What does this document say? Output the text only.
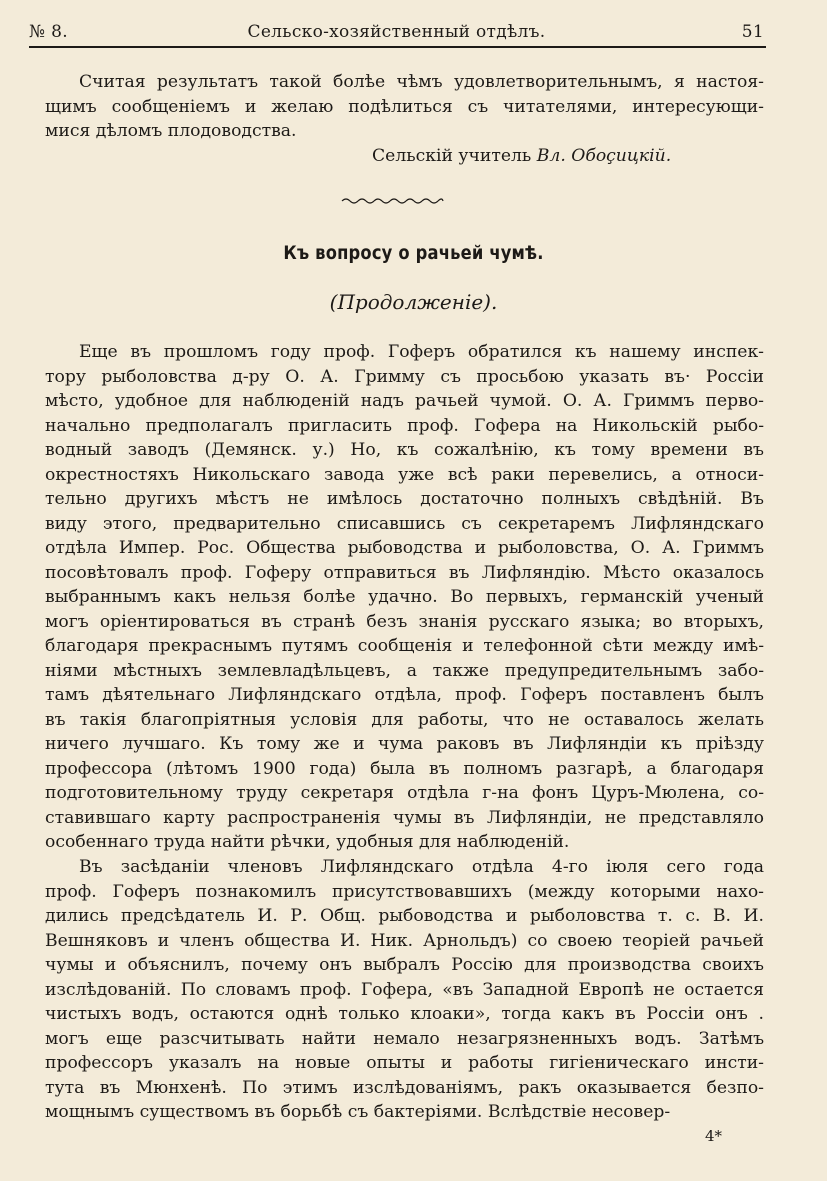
№ 8.	Сельско-хозяйственный отдѣлъ.	51
Считая результатъ такой болѣе чѣмъ удовлетворительнымъ, я настоя-
щимъ сообщеніемъ и желаю подѣлиться съ читателями, интересующи-
мися дѣломъ плодоводства.
Сельскій учитель Вл. Обоçицкій.
Къ вопросу о рачьей чумѣ.
(Продолженіе).
Еще въ прошломъ году проф. Гоферъ обратился къ нашему инспек-
тору рыболовства д-ру О. А. Гримму съ просьбою указать въ· Россіи
мѣсто, удобное для наблюденій надъ рачьей чумой. О. А. Гриммъ перво-
начально предполагалъ пригласить проф. Гофера на Никольскій рыбо-
водный заводъ (Демянск. у.) Но, къ сожалѣнію, къ тому времени въ
окрестностяхъ Никольскаго завода уже всѣ раки перевелись, а относи-
тельно другихъ мѣстъ не имѣлось достаточно полныхъ свѣдѣній. Въ
виду этого, предварительно списавшись съ секретаремъ Лифляндскаго
отдѣла Импер. Рос. Общества рыбоводства и рыболовства, О. А. Гриммъ
посовѣтовалъ проф. Гоферу отправиться въ Лифляндію. Мѣсто оказалось
выбраннымъ какъ нельзя болѣе удачно. Во первыхъ, германскій ученый
могъ оріентироваться въ странѣ безъ знанія русскаго языка; во вторыхъ,
благодаря прекраснымъ путямъ сообщенія и телефонной сѣти между имѣ-
ніями мѣстныхъ землевладѣльцевъ, а также предупредительнымъ забо-
тамъ дѣятельнаго Лифляндскаго отдѣла, проф. Гоферъ поставленъ былъ
въ такія благопріятныя условія для работы, что не оставалось желать
ничего лучшаго. Къ тому же и чума раковъ въ Лифляндіи къ пріѣзду
профессора (лѣтомъ 1900 года) была въ полномъ разгарѣ, а благодаря
подготовительному труду секретаря отдѣла г-на фонъ Цуръ-Мюлена, со-
ставившаго карту распространенія чумы въ Лифляндіи, не представляло
особеннаго труда найти рѣчки, удобныя для наблюденій.
Въ засѣданіи членовъ Лифляндскаго отдѣла 4-го іюля сего года
проф. Гоферъ познакомилъ присутствовавшихъ (между которыми нахо-
дились предсѣдатель И. Р. Общ. рыбоводства и рыболовства т. с. В. И.
Вешняковъ и членъ общества И. Ник. Арнольдъ) со своею теоріей рачьей
чумы и объяснилъ, почему онъ выбралъ Россію для производства своихъ
изслѣдованій. По словамъ проф. Гофера, «въ Западной Европѣ не остается
чистыхъ водъ, остаются однѣ только клоаки», тогда какъ въ Россіи онъ .
могъ еще разсчитывать найти немало незагрязненныхъ водъ. Затѣмъ
профессоръ указалъ на новые опыты и работы гигіеническаго инсти-
тута въ Мюнхенѣ. По этимъ изслѣдованіямъ, ракъ оказывается безпо-
мощнымъ существомъ въ борьбѣ съ бактеріями. Вслѣдствіе несовер-
4*
